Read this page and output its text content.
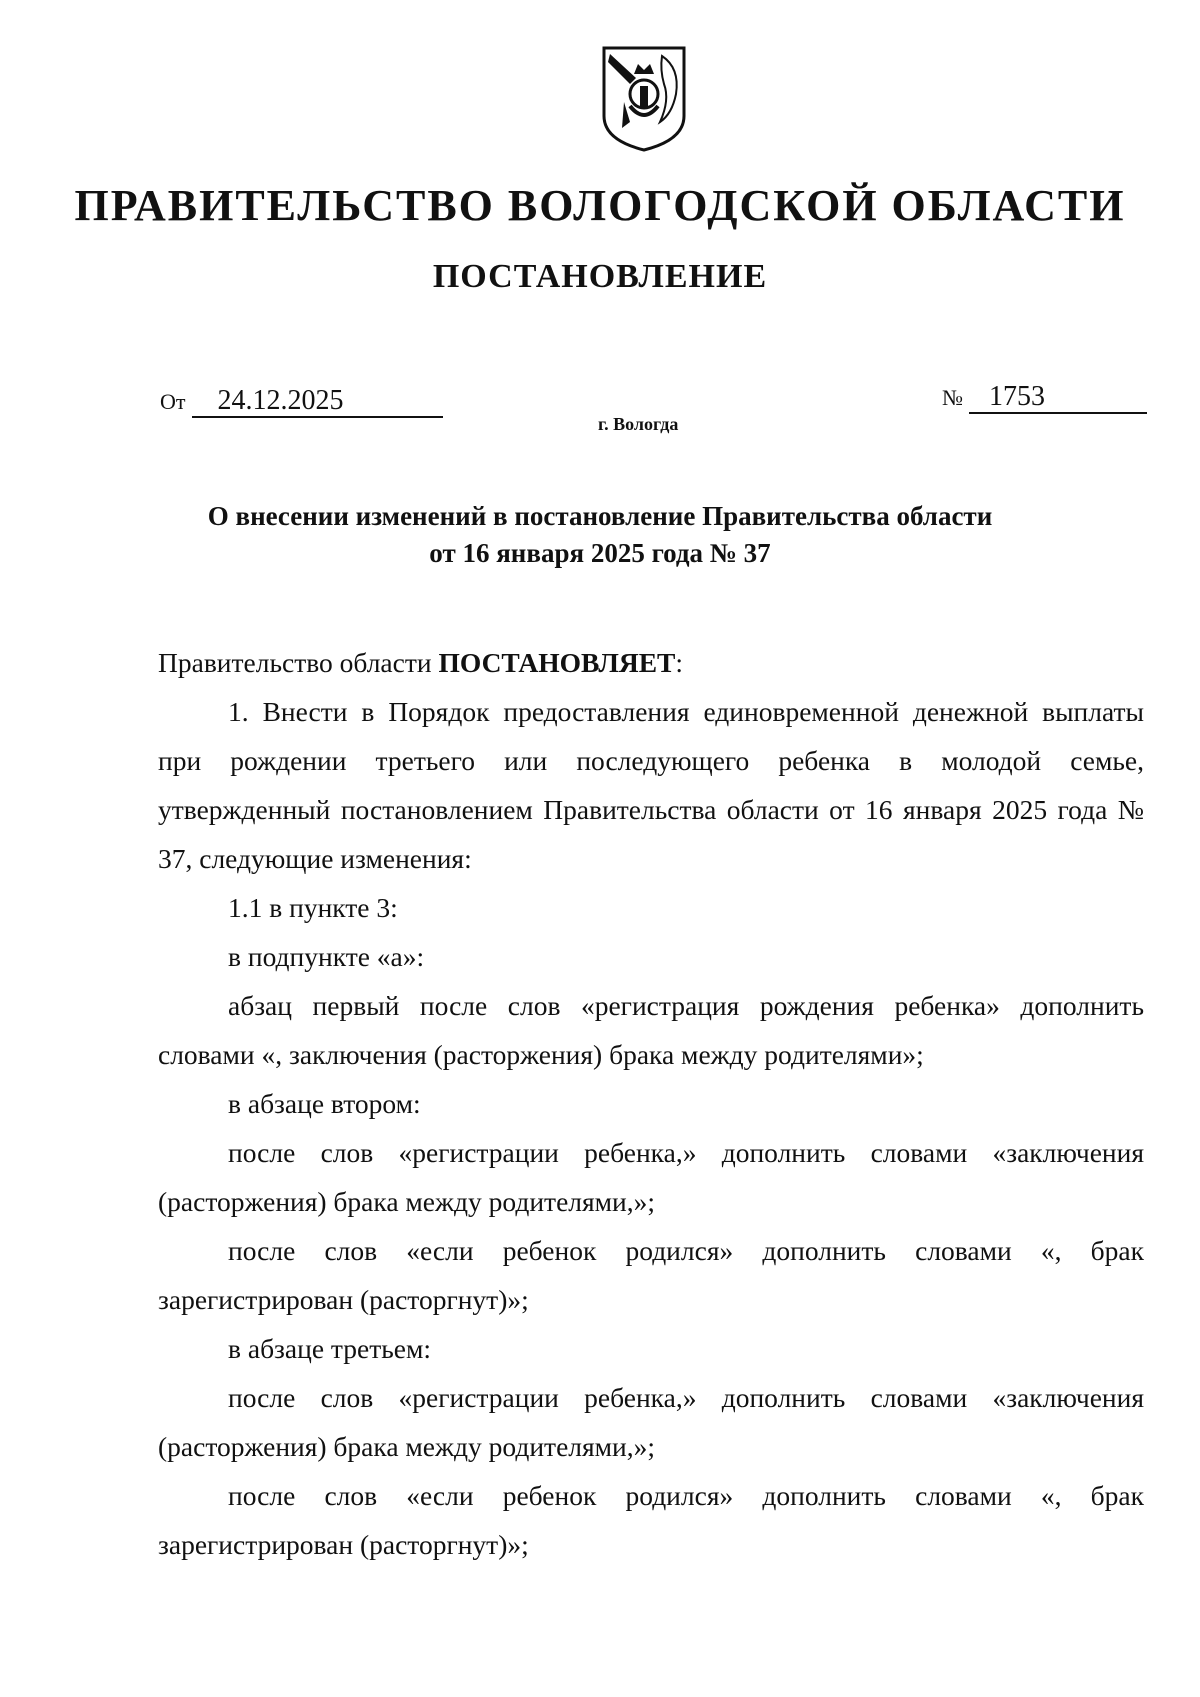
ПРАВИТЕЛЬСТВО ВОЛОГОДСКОЙ ОБЛАСТИ
ПОСТАНОВЛЕНИЕ
От 24.12.2025	№ 1753
г. Вологда
О внесении изменений в постановление Правительства области
от 16 января 2025 года № 37

Правительство области ПОСТАНОВЛЯЕТ:

1. Внести в Порядок предоставления единовременной денежной выплаты при рождении третьего или последующего ребенка в молодой семье, утвержденный постановлением Правительства области от 16 января 2025 года № 37, следующие изменения:

1.1 в пункте 3:

в подпункте «а»:

абзац первый после слов «регистрация рождения ребенка» дополнить словами «, заключения (расторжения) брака между родителями»;

в абзаце втором:

после слов «регистрации ребенка,» дополнить словами «заключения (расторжения) брака между родителями,»;

после слов «если ребенок родился» дополнить словами «, брак зарегистрирован (расторгнут)»;

в абзаце третьем:

после слов «регистрации ребенка,» дополнить словами «заключения (расторжения) брака между родителями,»;

после слов «если ребенок родился» дополнить словами «, брак зарегистрирован (расторгнут)»;
